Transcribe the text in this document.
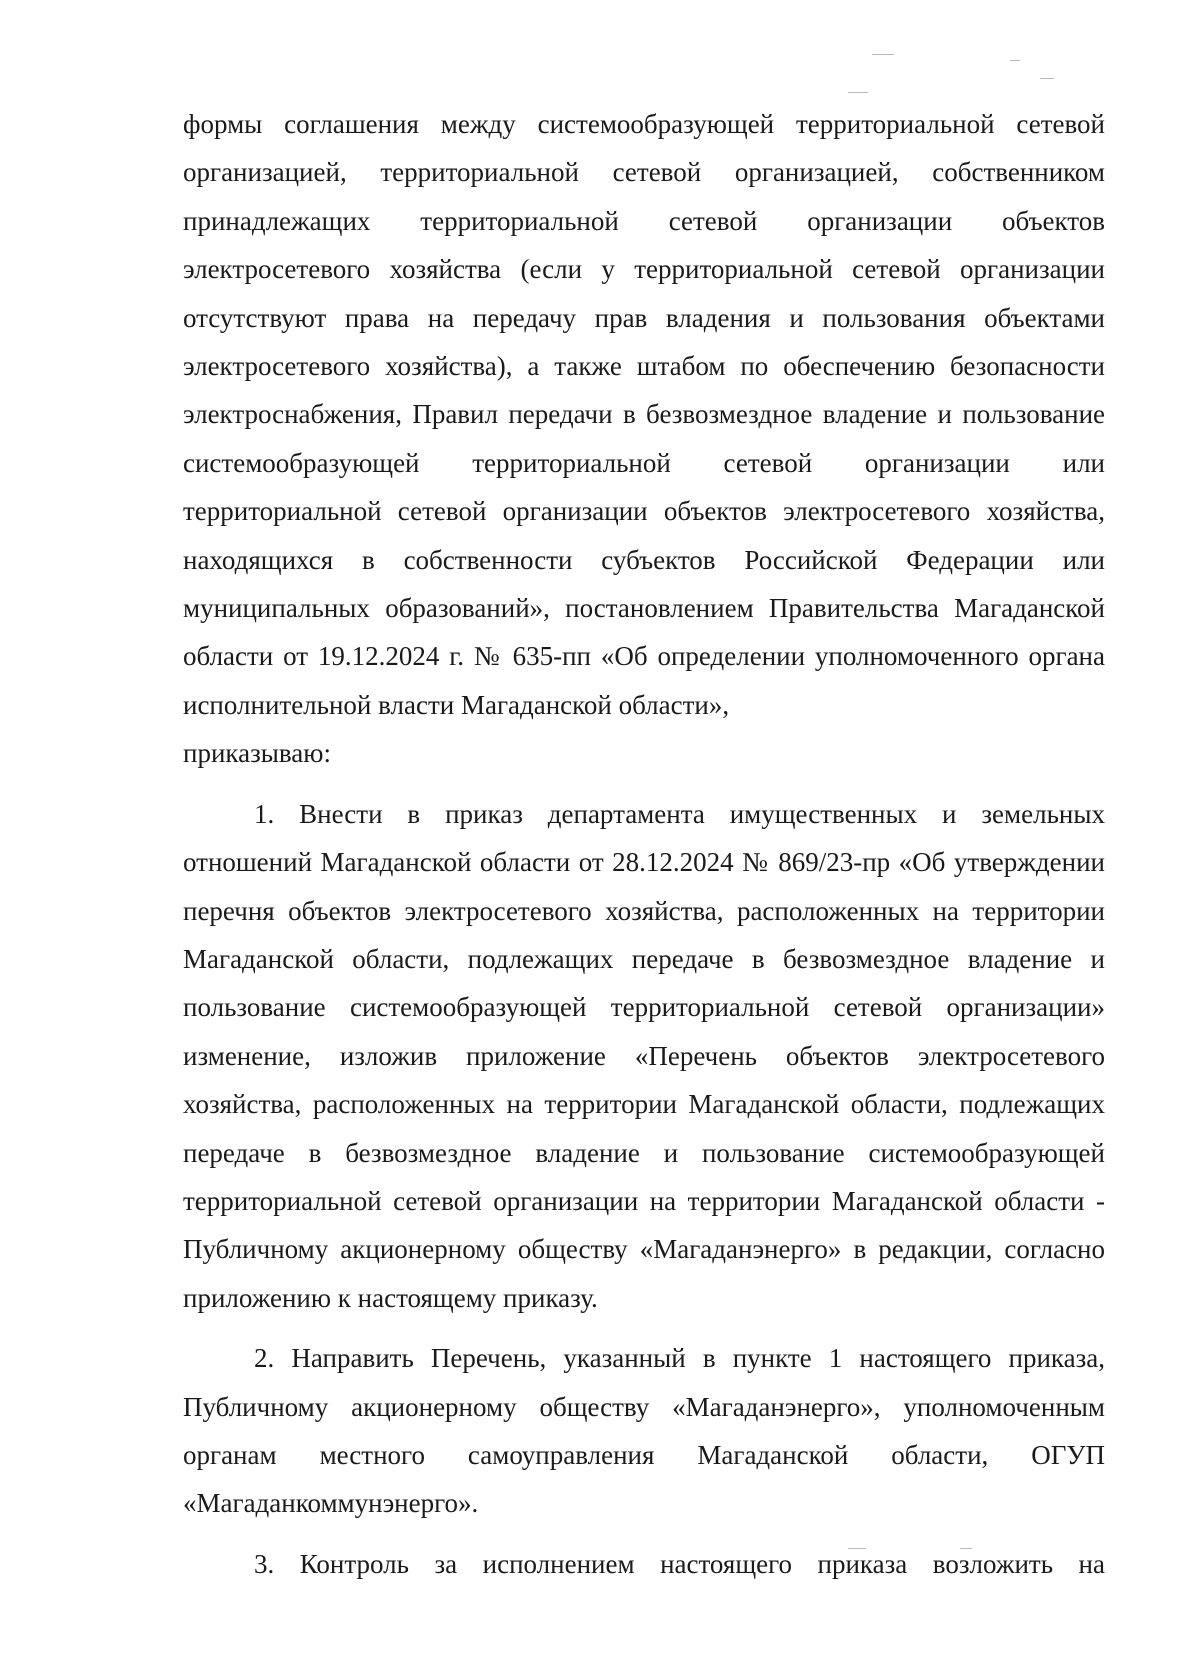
формы соглашения между системообразующей территориальной сетевой организацией, территориальной сетевой организацией, собственником принадлежащих территориальной сетевой организации объектов электросетевого хозяйства (если у территориальной сетевой организации отсутствуют права на передачу прав владения и пользования объектами электросетевого хозяйства), а также штабом по обеспечению безопасности электроснабжения, Правил передачи в безвозмездное владение и пользование системообразующей территориальной сетевой организации или территориальной сетевой организации объектов электросетевого хозяйства, находящихся в собственности субъектов Российской Федерации или муниципальных образований», постановлением Правительства Магаданской области от 19.12.2024 г. № 635-пп «Об определении уполномоченного органа исполнительной власти Магаданской области»,

приказываю:

1. Внести в приказ департамента имущественных и земельных отношений Магаданской области от 28.12.2024 № 869/23-пр «Об утверждении перечня объектов электросетевого хозяйства, расположенных на территории Магаданской области, подлежащих передаче в безвозмездное владение и пользование системообразующей территориальной сетевой организации» изменение, изложив приложение «Перечень объектов электросетевого хозяйства, расположенных на территории Магаданской области, подлежащих передаче в безвозмездное владение и пользование системообразующей территориальной сетевой организации на территории Магаданской области - Публичному акционерному обществу «Магаданэнерго» в редакции, согласно приложению к настоящему приказу.

2. Направить Перечень, указанный в пункте 1 настоящего приказа, Публичному акционерному обществу «Магаданэнерго», уполномоченным органам местного самоуправления Магаданской области, ОГУП «Магаданкоммунэнерго».

3. Контроль за исполнением настоящего приказа возложить на
